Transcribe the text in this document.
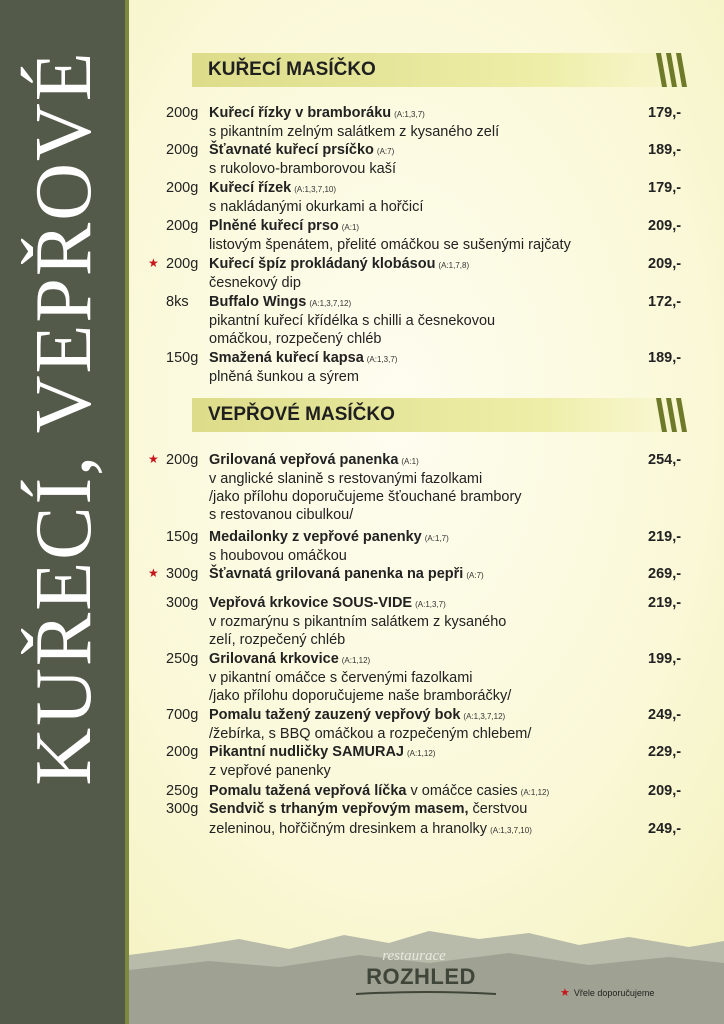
KUŘECÍ, VEPŘOVÉ	KUŘECÍ MASÍČKO
VEPŘOVÉ MASÍČKO
200g Kuřecí řízky v bramboráku (A:1,3,7)	179,-
s pikantním zelným salátkem z kysaného zelí
200g Šťavnaté kuřecí prsíčko (A:7)	189,-
s rukolovo-bramborovou kaší
200g Kuřecí řízek (A:1,3,7,10)	179,-
s nakládanými okurkami a hořčicí
200g Plněné kuřecí prso (A:1)	209,-
listovým špenátem, přelité omáčkou se sušenými rajčaty
★ 200g Kuřecí špíz prokládaný klobásou (A:1,7,8)	209,-
česnekový dip
8ks Buffalo Wings (A:1,3,7,12)	172,-
pikantní kuřecí křídélka s chilli a česnekovou
omáčkou, rozpečený chléb
150g Smažená kuřecí kapsa (A:1,3,7)	189,-
plněná šunkou a sýrem
★ 200g Grilovaná vepřová panenka (A:1)	254,-
v anglické slanině s restovanými fazolkami
/jako přílohu doporučujeme šťouchané brambory
s restovanou cibulkou/
150g Medailonky z vepřové panenky (A:1,7)	219,-
s houbovou omáčkou
★ 300g Šťavnatá grilovaná panenka na pepři (A:7)	269,-
300g Vepřová krkovice SOUS-VIDE (A:1,3,7)	219,-
v rozmarýnu s pikantním salátkem z kysaného
zelí, rozpečený chléb
250g Grilovaná krkovice (A:1,12)	199,-
v pikantní omáčce s červenými fazolkami
/jako přílohu doporučujeme naše bramboráčky/
700g Pomalu tažený zauzený vepřový bok (A:1,3,7,12)	249,-
/žebírka, s BBQ omáčkou a rozpečeným chlebem/
200g Pikantní nudličky SAMURAJ (A:1,12)	229,-
z vepřové panenky
250g Pomalu tažená vepřová líčka v omáčce casies (A:1,12)	209,-
300g Sendvič s trhaným vepřovým masem, čerstvou
zeleninou, hořčičným dresinkem a hranolky (A:1,3,7,10)	249,-
restaurace
ROZHLED
★ Vřele doporučujeme
